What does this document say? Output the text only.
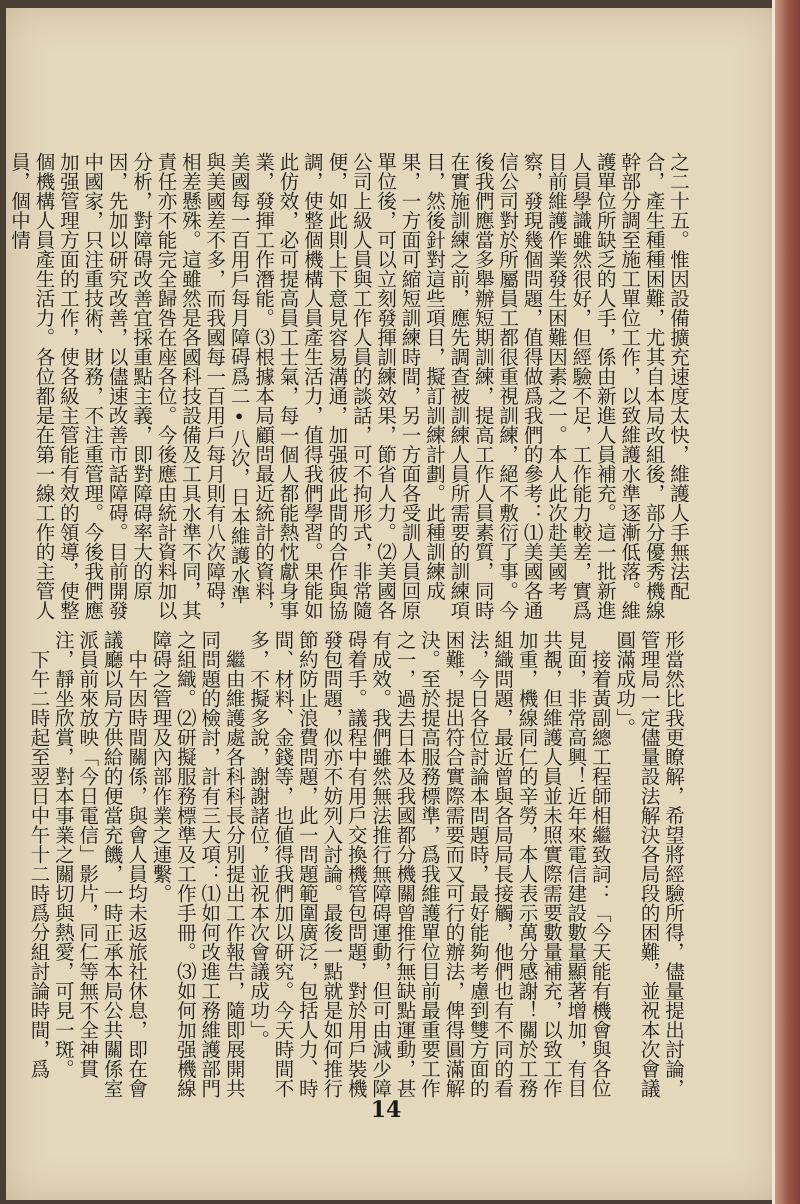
之二十五。惟因設備擴充速度太快，維護人手無法配合，產生種種困難，尤其自本局改組後，部分優秀機線幹部分調至施工單位工作，以致維護水準逐漸低落。維護單位所缺乏的人手，係由新進人員補充。這一批新進人員學識雖然很好，但經驗不足，工作能力較差，實爲目前維護作業發生困難因素之一。本人此次赴美國考察，發現幾個問題，值得做爲我們的參考：⑴美國各通信公司對於所屬員工都很重視訓練，絕不敷衍了事。今後我們應當多舉辦短期訓練，提高工作人員素質，同時在實施訓練之前，應先調查被訓練人員所需要的訓練項目，然後針對這些項目，擬訂訓練計劃。此種訓練成果，一方面可縮短訓練時間，另一方面各受訓人員回原單位後，可以立刻發揮訓練效果，節省人力。⑵美國各公司上級人員與工作人員的談話，可不拘形式，非常隨便，如此則上下意見容易溝通，加强彼此間的合作與協調，使整個機構人員產生活力，值得我們學習。果能如此仿效，必可提高員工士氣，每一個人都能熱忱獻身事業，發揮工作潛能。⑶根據本局顧問最近統計的資料，美國每一百用戶每月障碍爲二•八次，日本維護水準與美國差不多，而我國每一百用戶每月則有八次障碍，相差懸殊。這雖然是各國科技設備及工具水準不同，其責任亦不能完全歸咎在座各位。今後應由統計資料加以分析，對障碍改善宜採重點主義，即對障碍率大的原因，先加以研究改善，以儘速改善市話障碍。目前開發中國家，只注重技術、財務，不注重管理。今後我們應加强管理方面的工作，使各級主管能有效的領導，使整個機構人員產生活力。各位都是在第一線工作的主管人員，個中情
形當然比我更瞭解，希望將經驗所得，儘量提出討論，管理局一定儘量設法解決各局段的困難，並祝本次會議圓滿成功」。
　接着黃副總工程師相繼致詞：「今天能有機會與各位見面，非常高興！近年來電信建設數量顯著增加，有目共覩，但維護人員並未照實際需要數量補充，以致工作加重，機線同仁的辛勞，本人表示萬分感謝！關於工務組織問題，最近曾與各局局長接觸，他們也有不同的看法，今日各位討論本問題時，最好能夠考慮到雙方面的困難，提出符合實際需要而又可行的辦法，俾得圓滿解決。至於提高服務標準，爲我維護單位目前最重要工作之一，過去日本及我國都分機關曾推行無缺點運動，甚有成效。我們雖然無法推行無障碍運動，但可由減少障碍着手。議程中有用戶交換機管包問題，對於用戶裝機發包問題，似亦不妨列入討論。最後一點就是如何推行節約防止浪費問題，此一問題範圍廣泛，包括人力、時間、材料、金錢等，也値得我們加以研究。今天時間不多，不擬多說，謝謝諸位，並祝本次會議成功」。
　繼由維護處各科科長分別提出工作報告，隨即展開共同問題的檢討，計有三大項：⑴如何改進工務維護部門之組織。⑵研擬服務標準及工作手冊。⑶如何加强機線障碍之管理及內部作業之連繫。
　中午因時間關係，與會人員均未返旅社休息，即在會議廳以局方供給的便當充饑，一時正承本局公共關係室派員前來放映「今日電信」影片，同仁等無不全神貫注，靜坐欣賞，對本事業之關切與熱愛，可見一斑。
　下午二時起至翌日中午十二時爲分組討論時間，爲
14
